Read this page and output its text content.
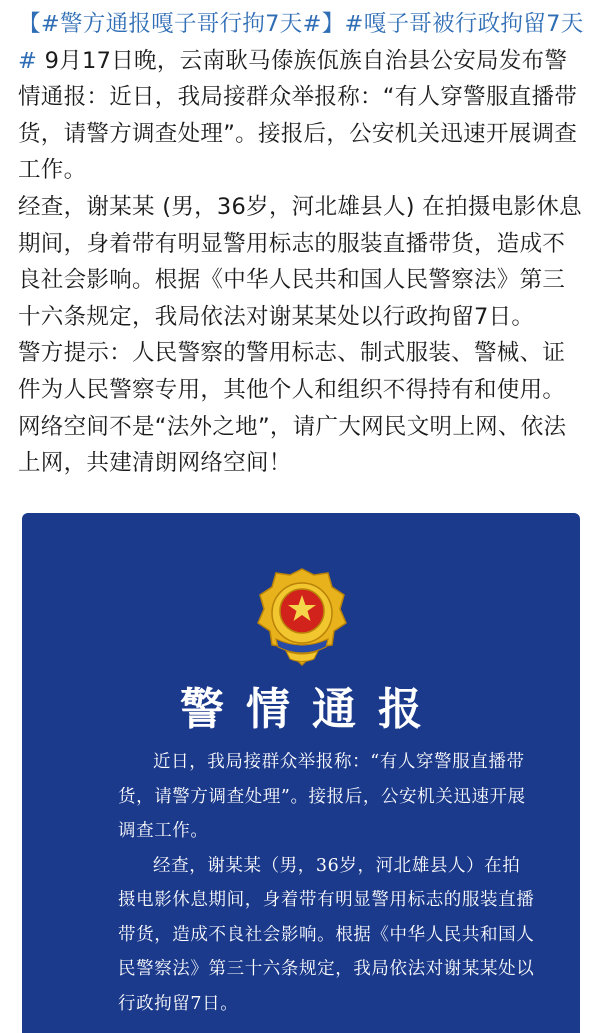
【#警方通报嘎子哥行拘7天#】#嘎子哥被行政拘留7天# 9月17日晚，云南耿马傣族佤族自治县公安局发布警情通报：近日，我局接群众举报称：“有人穿警服直播带货，请警方调查处理”。接报后，公安机关迅速开展调查工作。

经查，谢某某 (男，36岁，河北雄县人) 在拍摄电影休息期间，身着带有明显警用标志的服装直播带货，造成不良社会影响。根据《中华人民共和国人民警察法》第三十六条规定，我局依法对谢某某处以行政拘留7日。

警方提示：人民警察的警用标志、制式服装、警械、证件为人民警察专用，其他个人和组织不得持有和使用。网络空间不是“法外之地”，请广大网民文明上网、依法上网，共建清朗网络空间！

警情通报

近日，我局接群众举报称：“有人穿警服直播带货，请警方调查处理”。接报后，公安机关迅速开展调查工作。

经查，谢某某（男，36岁，河北雄县人）在拍摄电影休息期间，身着带有明显警用标志的服装直播带货，造成不良社会影响。根据《中华人民共和国人民警察法》第三十六条规定，我局依法对谢某某处以行政拘留7日。
